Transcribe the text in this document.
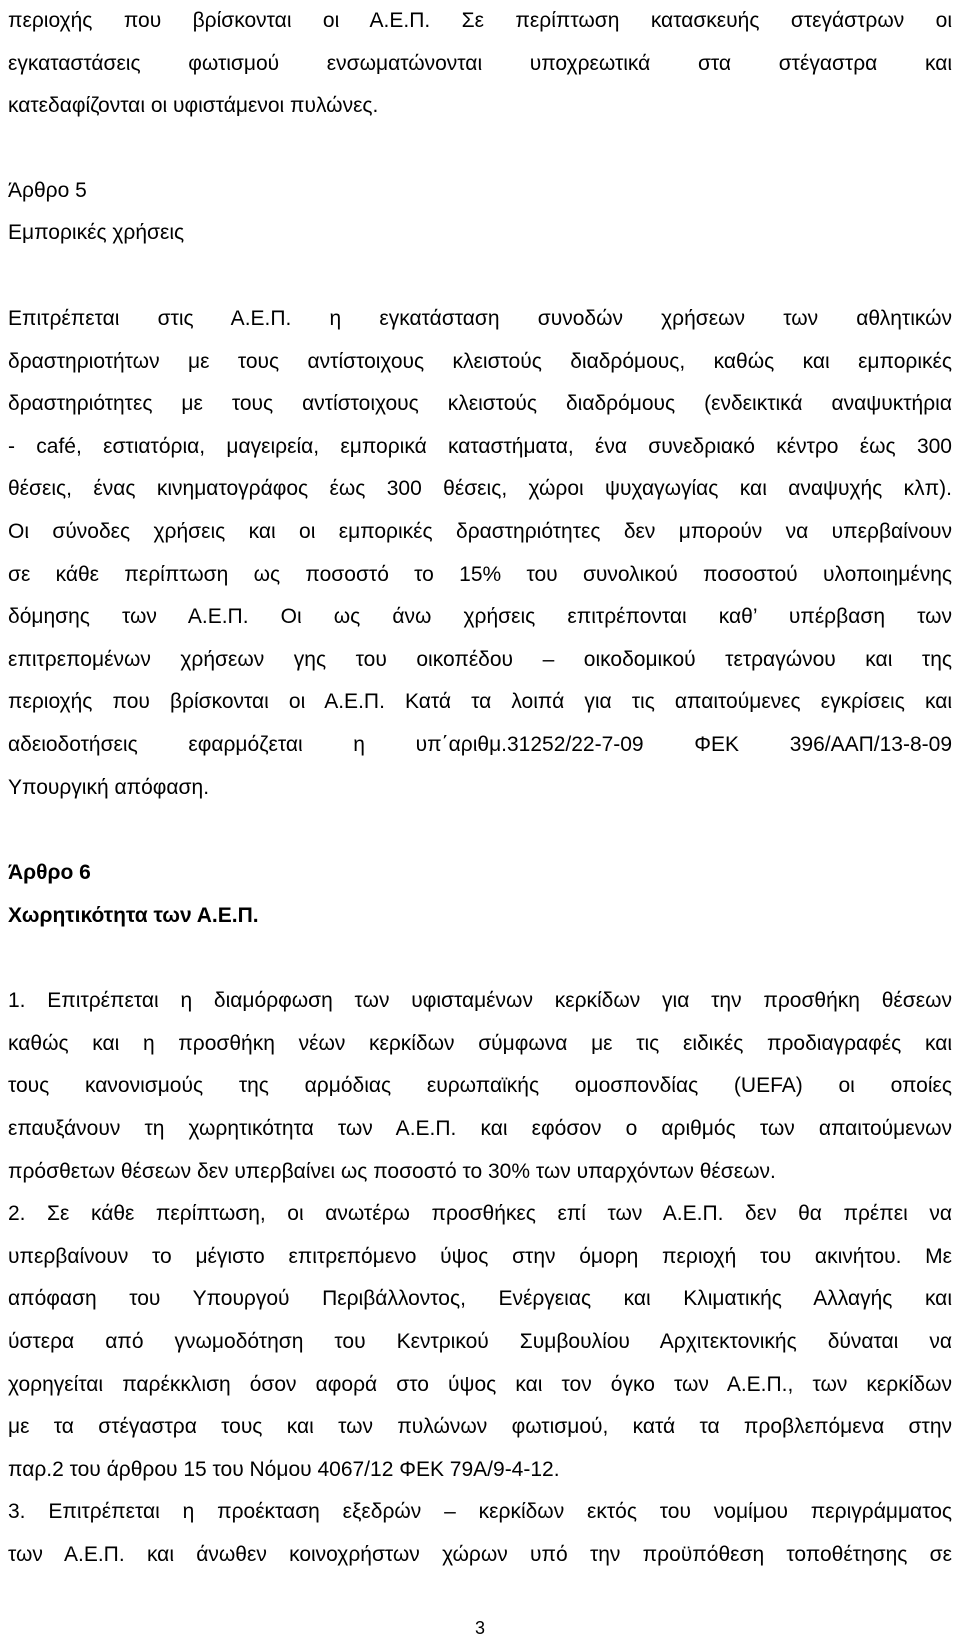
περιοχής που βρίσκονται οι Α.Ε.Π. Σε περίπτωση κατασκευής στεγάστρων οι
εγκαταστάσεις φωτισμού ενσωματώνονται υποχρεωτικά στα στέγαστρα και
κατεδαφίζονται οι υφιστάμενοι πυλώνες.

Άρθρο 5

Εμπορικές χρήσεις

Επιτρέπεται στις Α.Ε.Π. η εγκατάσταση συνοδών χρήσεων των αθλητικών
δραστηριοτήτων με τους αντίστοιχους κλειστούς διαδρόμους, καθώς και εμπορικές
δραστηριότητες με τους αντίστοιχους κλειστούς διαδρόμους (ενδεικτικά αναψυκτήρια
- café, εστιατόρια, μαγειρεία, εμπορικά καταστήματα, ένα συνεδριακό κέντρο έως 300
θέσεις, ένας κινηματογράφος έως 300 θέσεις, χώροι ψυχαγωγίας και αναψυχής κλπ).
Οι σύνοδες χρήσεις και οι εμπορικές δραστηριότητες δεν μπορούν να υπερβαίνουν
σε κάθε περίπτωση ως ποσοστό το 15% του συνολικού ποσοστού υλοποιημένης
δόμησης των Α.Ε.Π. Οι ως άνω χρήσεις επιτρέπονται καθ’ υπέρβαση των
επιτρεπομένων χρήσεων γης του οικοπέδου – οικοδομικού τετραγώνου και της
περιοχής που βρίσκονται οι Α.Ε.Π. Κατά τα λοιπά για τις απαιτούμενες εγκρίσεις και
αδειοδοτήσεις εφαρμόζεται η υπ΄αριθμ.31252/22-7-09 ΦΕΚ 396/ΑΑΠ/13-8-09
Υπουργική απόφαση.

Άρθρο 6

Χωρητικότητα των Α.Ε.Π.

1. Επιτρέπεται η διαμόρφωση των υφισταμένων κερκίδων για την προσθήκη θέσεων
καθώς και η προσθήκη νέων κερκίδων σύμφωνα με τις ειδικές προδιαγραφές και
τους κανονισμούς της αρμόδιας ευρωπαϊκής ομοσπονδίας (UEFA) οι οποίες
επαυξάνουν τη χωρητικότητα των Α.Ε.Π. και εφόσον ο αριθμός των απαιτούμενων
πρόσθετων θέσεων δεν υπερβαίνει ως ποσοστό το 30% των υπαρχόντων θέσεων.
2. Σε κάθε περίπτωση, οι ανωτέρω προσθήκες επί των Α.Ε.Π. δεν θα πρέπει να
υπερβαίνουν το μέγιστο επιτρεπόμενο ύψος στην όμορη περιοχή του ακινήτου. Με
απόφαση του Υπουργού Περιβάλλοντος, Ενέργειας και Κλιματικής Αλλαγής και
ύστερα από γνωμοδότηση του Κεντρικού Συμβουλίου Αρχιτεκτονικής δύναται να
χορηγείται παρέκκλιση όσον αφορά στο ύψος και τον όγκο των Α.Ε.Π., των κερκίδων
με τα στέγαστρα τους και των πυλώνων φωτισμού, κατά τα προβλεπόμενα στην
παρ.2 του άρθρου 15 του Νόμου 4067/12 ΦΕΚ 79Α/9-4-12.
3. Επιτρέπεται η προέκταση εξεδρών – κερκίδων εκτός του νομίμου περιγράμματος
των Α.Ε.Π. και άνωθεν κοινοχρήστων χώρων υπό την προϋπόθεση τοποθέτησης σε

3
